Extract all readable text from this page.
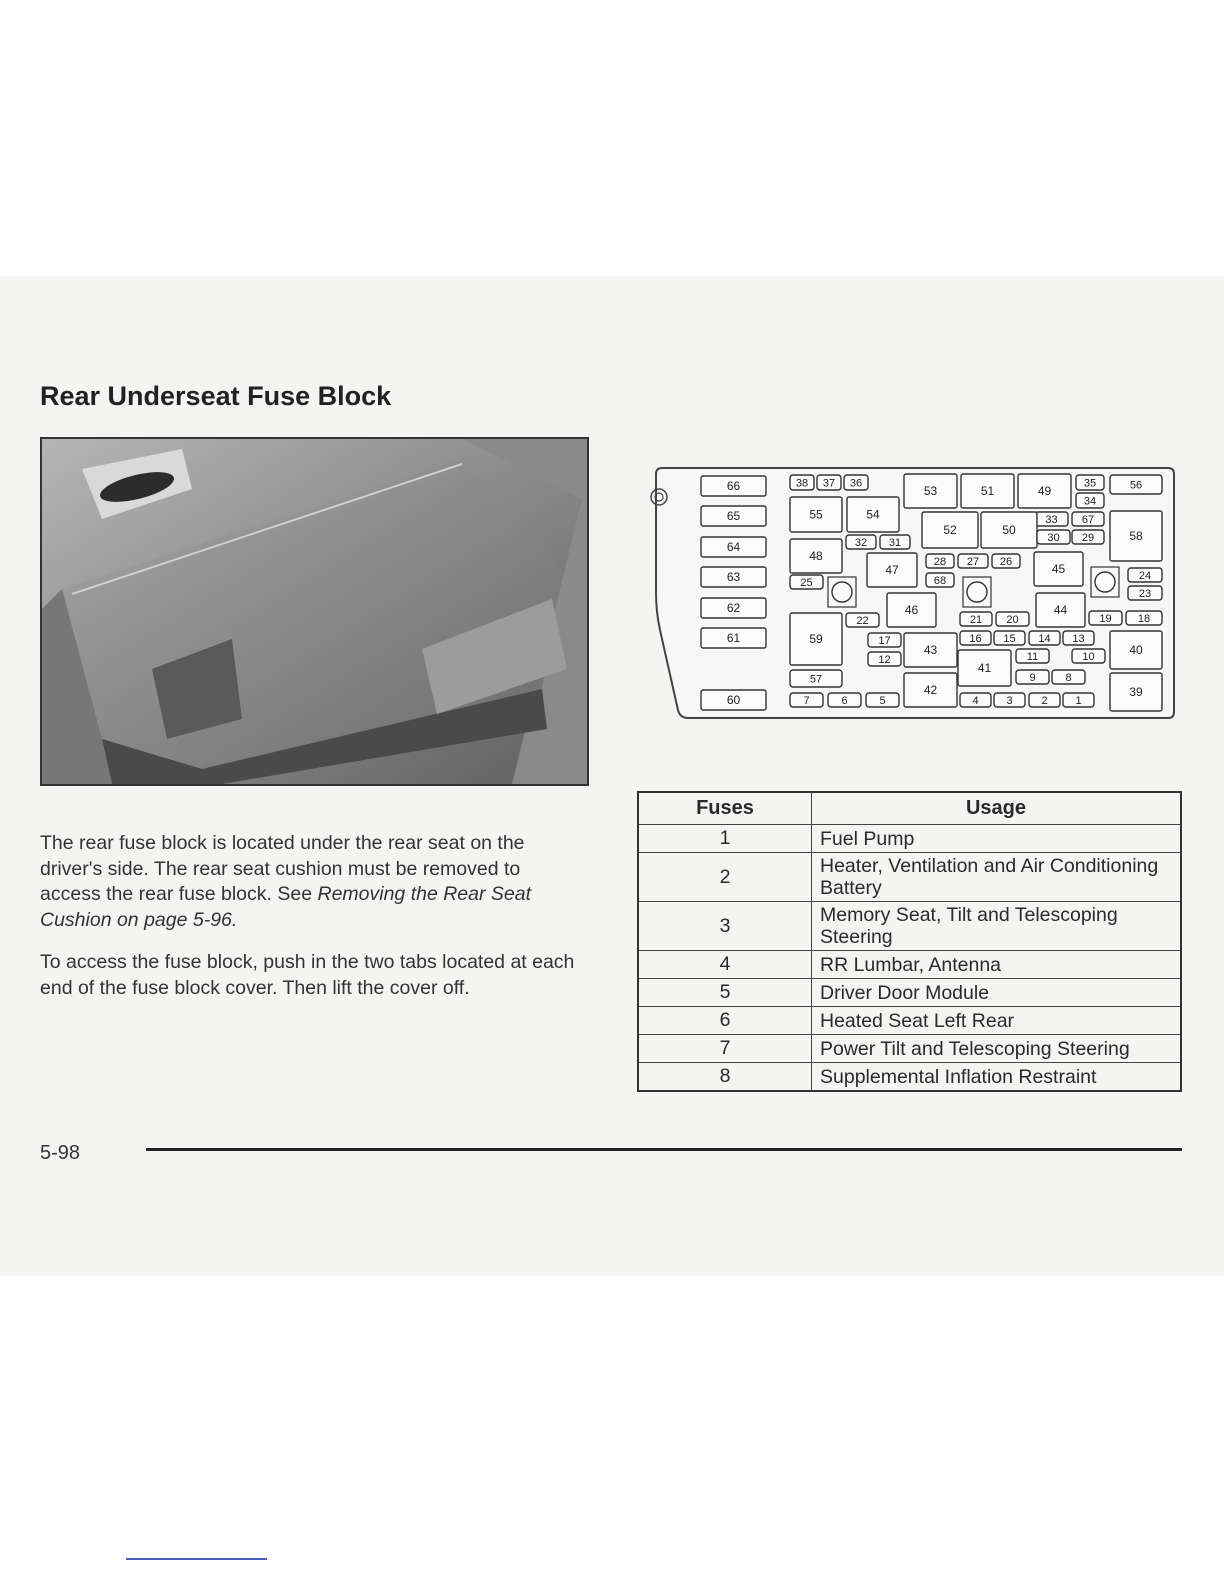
Rear Underseat Fuse Block

The rear fuse block is located under the rear seat on the driver's side. The rear seat cushion must be removed to access the rear fuse block. See Removing the Rear Seat Cushion on page 5-96.

To access the fuse block, push in the two tabs located at each end of the fuse block cover. Then lift the cover off.

66
65
64
63
62
61
60
38 37 36
53	51	49
35
34
56
55	54	33 67
52	50
32 31	30 29	58
48
47
28 27 26
68
45
25
24
23
46	44
22	21 20	19 18
59	17
12
43
16 15 14 13
40
11	10
41
57	9	8
42	39
7	6	5	4	3	2	1
Fuses	Usage
1	Fuel Pump
2	Heater, Ventilation and Air Conditioning Battery
3	Memory Seat, Tilt and Telescoping Steering
4	RR Lumbar, Antenna
5	Driver Door Module
6	Heated Seat Left Rear
7	Power Tilt and Telescoping Steering
8	Supplemental Inflation Restraint
5-98
